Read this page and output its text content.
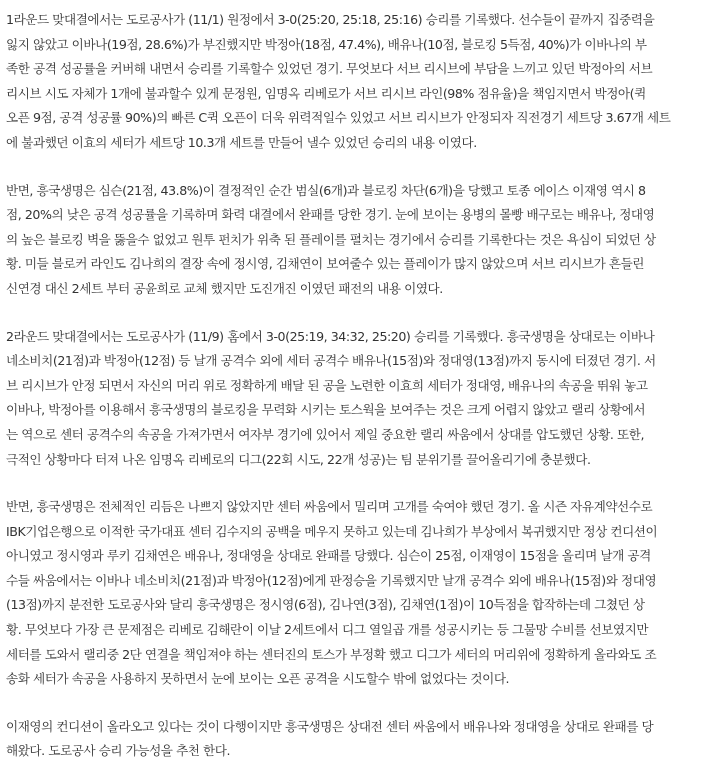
1라운드 맞대결에서는 도로공사가 (11/1) 원정에서 3-0(25:20, 25:18, 25:16) 승리를 기록했다. 선수들이 끝까지 집중력을
잃지 않았고 이바나(19점, 28.6%)가 부진했지만 박정아(18점, 47.4%), 배유나(10점, 블로킹 5득점, 40%)가 이바나의 부
족한 공격 성공률을 커버해 내면서 승리를 기록할수 있었던 경기. 무엇보다 서브 리시브에 부담을 느끼고 있던 박정아의 서브
리시브 시도 자체가 1개에 불과할수 있게 문정원, 임명옥 리베로가 서브 리시브 라인(98% 점유율)을 책임지면서 박정아(퀵
오픈 9점, 공격 성공률 90%)의 빠른 C퀵 오픈이 더욱 위력적일수 있었고 서브 리시브가 안정되자 직전경기 세트당 3.67개 세트
에 불과했던 이효의 세터가 세트당 10.3개 세트를 만들어 낼수 있었던 승리의 내용 이였다.

반면, 흥국생명은 심슨(21점, 43.8%)이 결정적인 순간 범실(6개)과 블로킹 차단(6개)을 당했고 토종 에이스 이재영 역시 8
점, 20%의 낮은 공격 성공률을 기록하며 화력 대결에서 완패를 당한 경기. 눈에 보이는 용병의 몰빵 배구로는 배유나, 정대영
의 높은 블로킹 벽을 뚫을수 없었고 원투 펀치가 위축 된 플레이를 펼치는 경기에서 승리를 기록한다는 것은 욕심이 되었던 상
황. 미들 블로커 라인도 김나희의 결장 속에 정시영, 김채연이 보여줄수 있는 플레이가 많지 않았으며 서브 리시브가 흔들린
신연경 대신 2세트 부터 공윤희로 교체 했지만 도진개진 이였던 패전의 내용 이였다.

2라운드 맞대결에서는 도로공사가 (11/9) 홈에서 3-0(25:19, 34:32, 25:20) 승리를 기록했다. 흥국생명을 상대로는 이바나
네소비치(21점)과 박정아(12점) 등 날개 공격수 외에 세터 공격수 배유나(15점)와 정대영(13점)까지 동시에 터졌던 경기. 서
브 리시브가 안정 되면서 자신의 머리 위로 정확하게 배달 된 공을 노련한 이효희 세터가 정대영, 배유나의 속공을 뛰워 놓고
이바나, 박정아를 이용해서 흥국생명의 블로킹을 무력화 시키는 토스웍을 보여주는 것은 크게 어렵지 않았고 랠리 상황에서
는 역으로 센터 공격수의 속공을 가져가면서 여자부 경기에 있어서 제일 중요한 랠리 싸움에서 상대를 압도했던 상황. 또한,
극적인 상황마다 터져 나온 임명옥 리베로의 디그(22회 시도, 22개 성공)는 팀 분위기를 끌어올리기에 충분했다.

반면, 흥국생명은 전체적인 리듬은 나쁘지 않았지만 센터 싸움에서 밀리며 고개를 숙여야 했던 경기. 올 시즌 자유계약선수로
IBK기업은행으로 이적한 국가대표 센터 김수지의 공백을 메우지 못하고 있는데 김나희가 부상에서 복귀했지만 정상 컨디션이
아니였고 정시영과 루키 김채연은 배유나, 정대영을 상대로 완패를 당했다. 심슨이 25점, 이재영이 15점을 올리며 날개 공격
수들 싸움에서는 이바나 네소비치(21점)과 박정아(12점)에게 판정승을 기록했지만 날개 공격수 외에 배유나(15점)와 정대영
(13점)까지 분전한 도로공사와 달리 흥국생명은 정시영(6점), 김나연(3점), 김채연(1점)이 10득점을 합작하는데 그쳤던 상
황. 무엇보다 가장 큰 문제점은 리베로 김해란이 이날 2세트에서 디그 열일곱 개를 성공시키는 등 그물망 수비를 선보였지만
세터를 도와서 랠리중 2단 연결을 책임져야 하는 센터진의 토스가 부정확 했고 디그가 세터의 머리위에 정확하게 올라와도 조
송화 세터가 속공을 사용하지 못하면서 눈에 보이는 오픈 공격을 시도할수 밖에 없었다는 것이다.

이재영의 컨디션이 올라오고 있다는 것이 다행이지만 흥국생명은 상대전 센터 싸움에서 배유나와 정대영을 상대로 완패를 당
해왔다. 도로공사 승리 가능성을 추천 한다.
